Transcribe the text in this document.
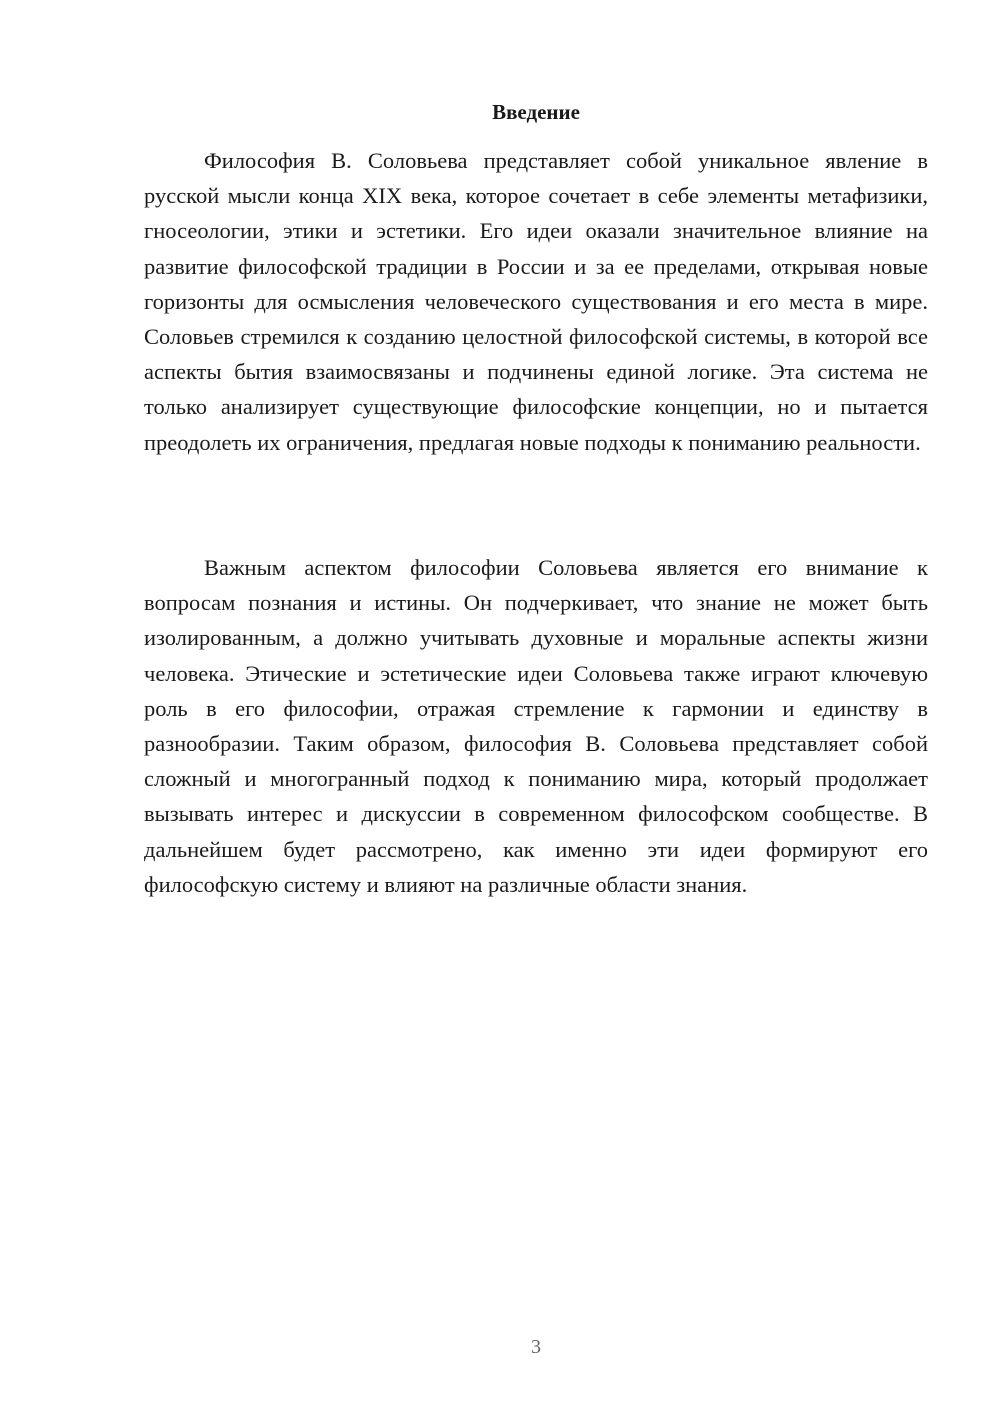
Введение

Философия В. Соловьева представляет собой уникальное явление в русской мысли конца XIX века, которое сочетает в себе элементы метафизики, гносеологии, этики и эстетики. Его идеи оказали значительное влияние на развитие философской традиции в России и за ее пределами, открывая новые горизонты для осмысления человеческого существования и его места в мире. Соловьев стремился к созданию целостной философской системы, в которой все аспекты бытия взаимосвязаны и подчинены единой логике. Эта система не только анализирует существующие философские концепции, но и пытается преодолеть их ограничения, предлагая новые подходы к пониманию реальности.

Важным аспектом философии Соловьева является его внимание к вопросам познания и истины. Он подчеркивает, что знание не может быть изолированным, а должно учитывать духовные и моральные аспекты жизни человека. Этические и эстетические идеи Соловьева также играют ключевую роль в его философии, отражая стремление к гармонии и единству в разнообразии. Таким образом, философия В. Соловьева представляет собой сложный и многогранный подход к пониманию мира, который продолжает вызывать интерес и дискуссии в современном философском сообществе. В дальнейшем будет рассмотрено, как именно эти идеи формируют его философскую систему и влияют на различные области знания.

3
